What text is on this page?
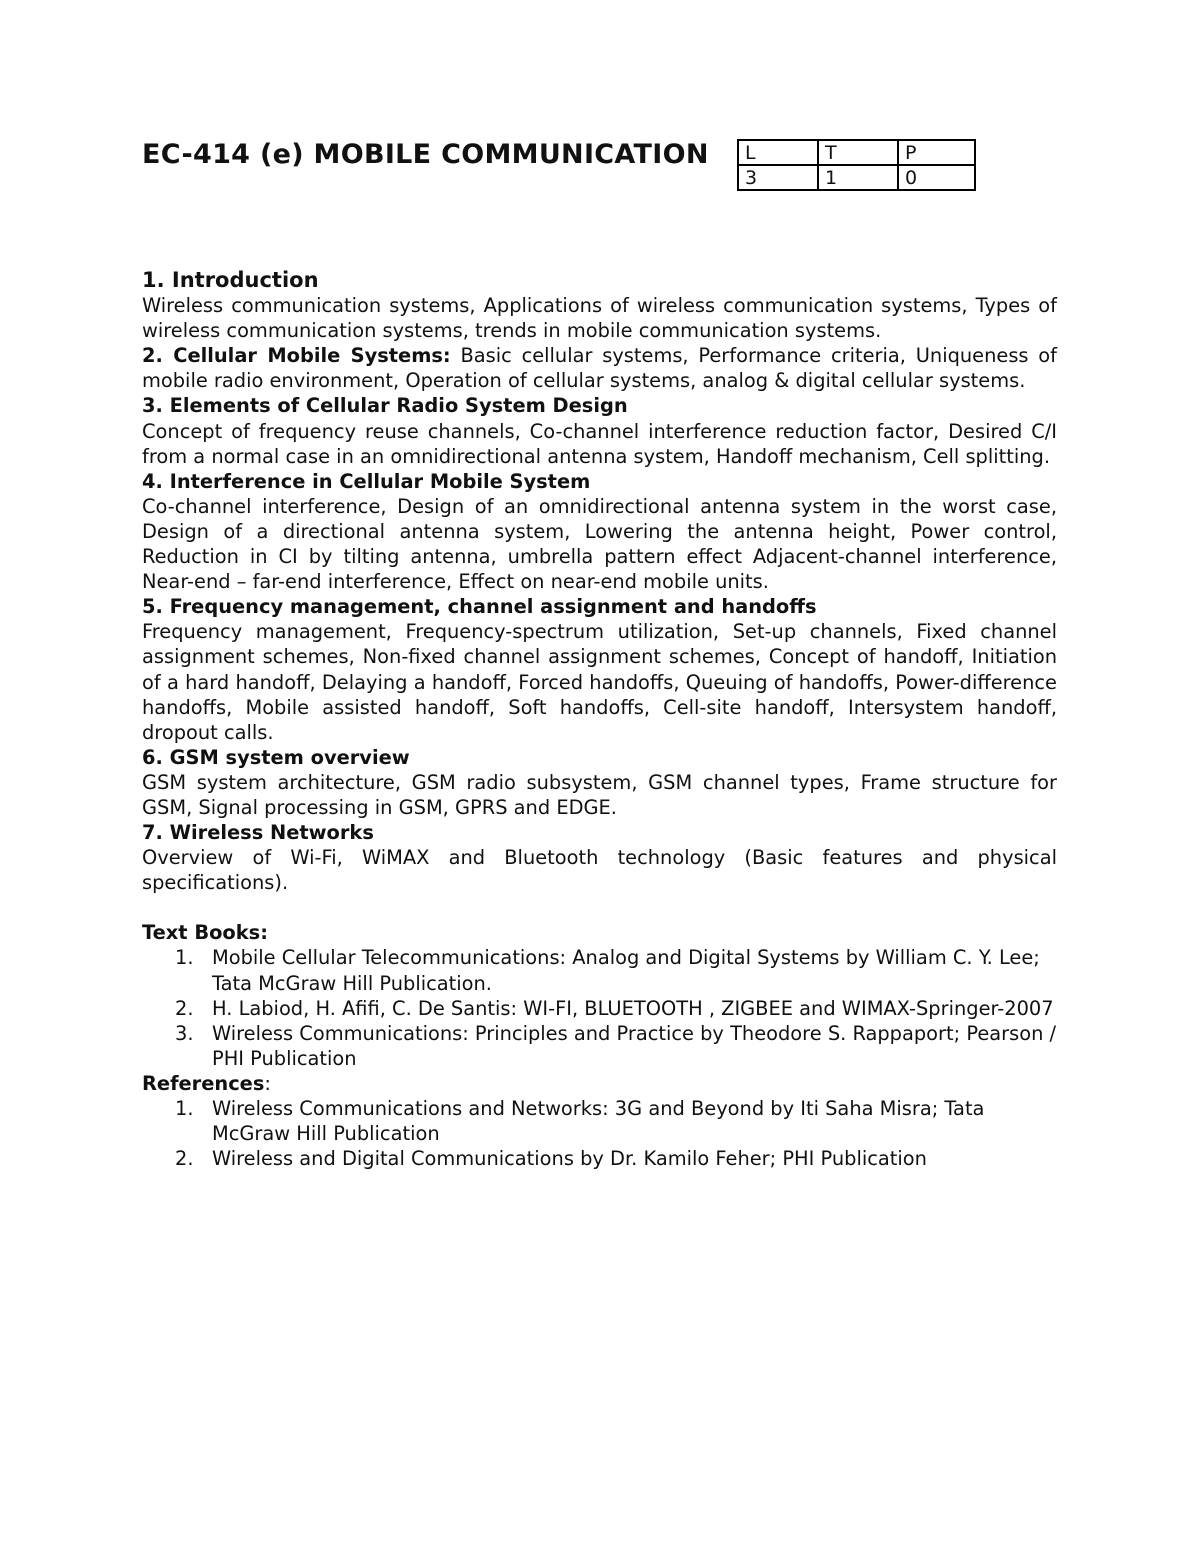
EC-414 (e) MOBILE COMMUNICATION L	T	P
3	1	0

1. Introduction

Wireless communication systems, Applications of wireless communication systems, Types of wireless communication systems, trends in mobile communication systems.

2. Cellular Mobile Systems: Basic cellular systems, Performance criteria, Uniqueness of mobile radio environment, Operation of cellular systems, analog & digital cellular systems.

3. Elements of Cellular Radio System Design

Concept of frequency reuse channels, Co-channel interference reduction factor, Desired C/I from a normal case in an omnidirectional antenna system, Handoff mechanism, Cell splitting.

4. Interference in Cellular Mobile System

Co-channel interference, Design of an omnidirectional antenna system in the worst case, Design of a directional antenna system, Lowering the antenna height, Power control, Reduction in CI by tilting antenna, umbrella pattern effect Adjacent-channel interference, Near-end – far-end interference, Effect on near-end mobile units.

5. Frequency management, channel assignment and handoffs

Frequency management, Frequency-spectrum utilization, Set-up channels, Fixed channel assignment schemes, Non-fixed channel assignment schemes, Concept of handoff, Initiation of a hard handoff, Delaying a handoff, Forced handoffs, Queuing of handoffs, Power-difference handoffs, Mobile assisted handoff, Soft handoffs, Cell-site handoff, Intersystem handoff, dropout calls.

6. GSM system overview

GSM system architecture, GSM radio subsystem, GSM channel types, Frame structure for GSM, Signal processing in GSM, GPRS and EDGE.

7. Wireless Networks

Overview of Wi-Fi, WiMAX and Bluetooth technology (Basic features and physical specifications).

Text Books:

1. Mobile Cellular Telecommunications: Analog and Digital Systems by William C. Y. Lee; Tata McGraw Hill Publication.
2. H. Labiod, H. Afifi, C. De Santis: WI-FI, BLUETOOTH , ZIGBEE and WIMAX-Springer-2007
3. Wireless Communications: Principles and Practice by Theodore S. Rappaport; Pearson / PHI Publication

References:

1. Wireless Communications and Networks: 3G and Beyond by Iti Saha Misra; Tata McGraw Hill Publication
2. Wireless and Digital Communications by Dr. Kamilo Feher; PHI Publication
